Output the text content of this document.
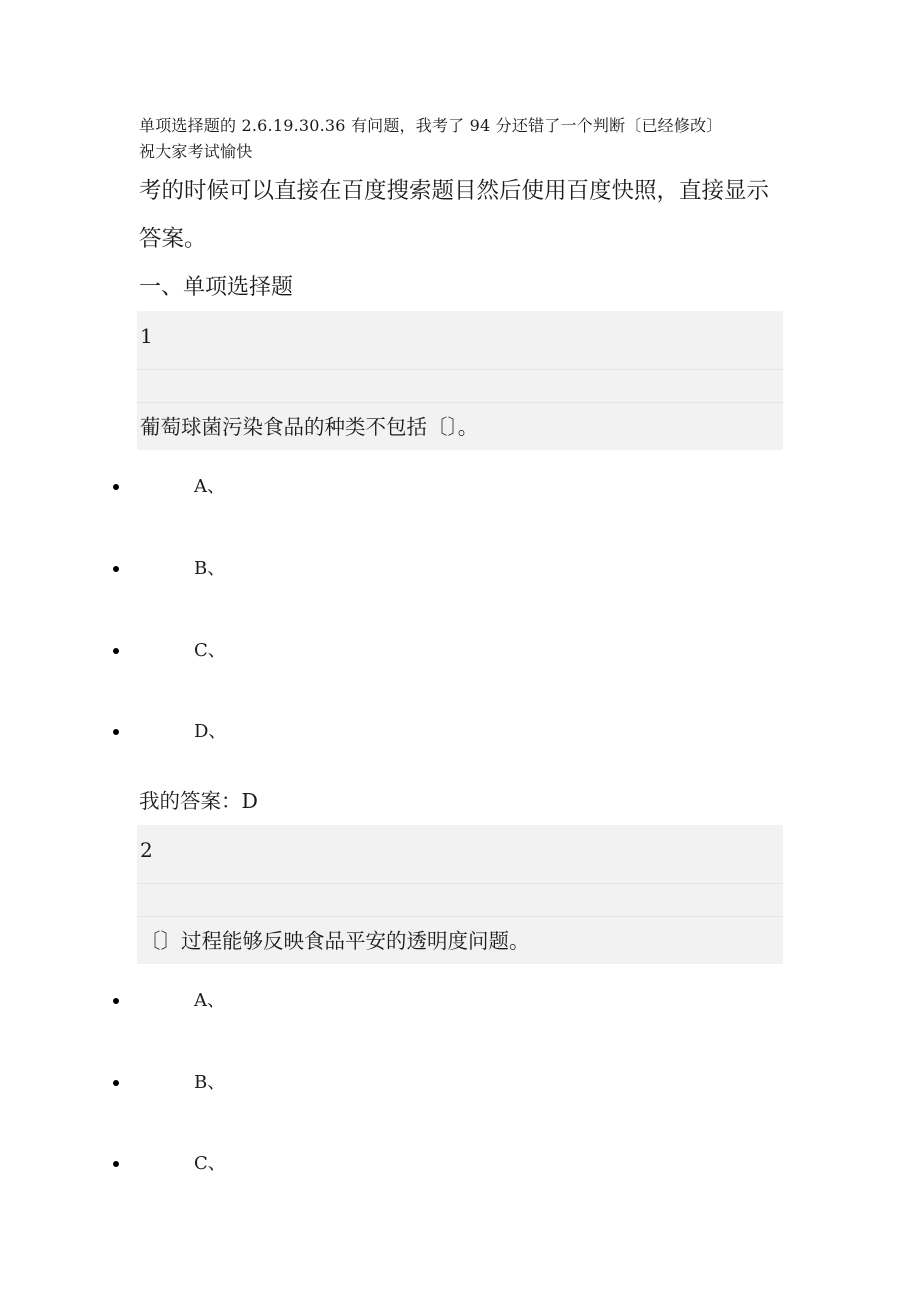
单项选择题的 2.6.19.30.36 有问题，我考了 94 分还错了一个判断〔已经修改〕
祝大家考试愉快
考的时候可以直接在百度搜索题目然后使用百度快照，直接显示
答案。
一、单项选择题
1
葡萄球菌污染食品的种类不包括〔〕。
A、
B、
C、
D、
我的答案：D
2
〔〕过程能够反映食品平安的透明度问题。
A、
B、
C、
